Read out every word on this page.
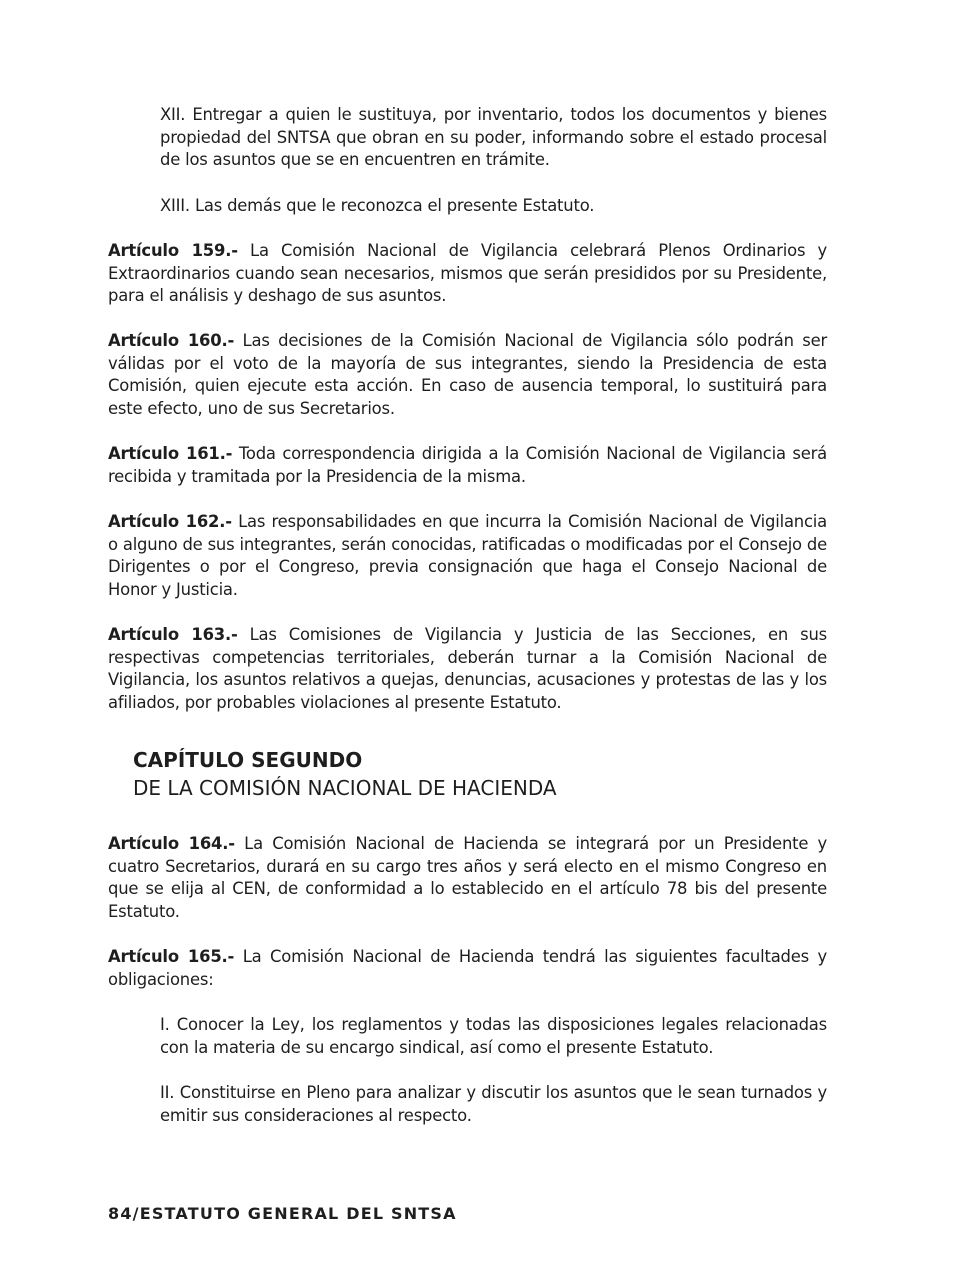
XII. Entregar a quien le sustituya, por inventario, todos los documentos y bienes propiedad del SNTSA que obran en su poder, informando sobre el estado procesal de los asuntos que se en encuentren en trámite.
XIII. Las demás que le reconozca el presente Estatuto.
Artículo 159.- La Comisión Nacional de Vigilancia celebrará Plenos Ordinarios y Extraordinarios cuando sean necesarios, mismos que serán presididos por su Presidente, para el análisis y deshago de sus asuntos.
Artículo 160.- Las decisiones de la Comisión Nacional de Vigilancia sólo podrán ser válidas por el voto de la mayoría de sus integrantes, siendo la Presidencia de esta Comisión, quien ejecute esta acción. En caso de ausencia temporal, lo sustituirá para este efecto, uno de sus Secretarios.
Artículo 161.- Toda correspondencia dirigida a la Comisión Nacional de Vigilancia será recibida y tramitada por la Presidencia de la misma.
Artículo 162.- Las responsabilidades en que incurra la Comisión Nacional de Vigilancia o alguno de sus integrantes, serán conocidas, ratificadas o modificadas por el Consejo de Dirigentes o por el Congreso, previa consignación que haga el Consejo Nacional de Honor y Justicia.
Artículo 163.- Las Comisiones de Vigilancia y Justicia de las Secciones, en sus respectivas competencias territoriales, deberán turnar a la Comisión Nacional de Vigilancia, los asuntos relativos a quejas, denuncias, acusaciones y protestas de las y los afiliados, por probables violaciones al presente Estatuto.
CAPÍTULO SEGUNDO
DE LA COMISIÓN NACIONAL DE HACIENDA
Artículo 164.- La Comisión Nacional de Hacienda se integrará por un Presidente y cuatro Secretarios, durará en su cargo tres años y será electo en el mismo Congreso en que se elija al CEN, de conformidad a lo establecido en el artículo 78 bis del presente Estatuto.
Artículo 165.- La Comisión Nacional de Hacienda tendrá las siguientes facultades y obligaciones:
I. Conocer la Ley, los reglamentos y todas las disposiciones legales relacionadas con la materia de su encargo sindical, así como el presente Estatuto.
II. Constituirse en Pleno para analizar y discutir los asuntos que le sean turnados y emitir sus consideraciones al respecto.
84/ESTATUTO GENERAL DEL SNTSA
